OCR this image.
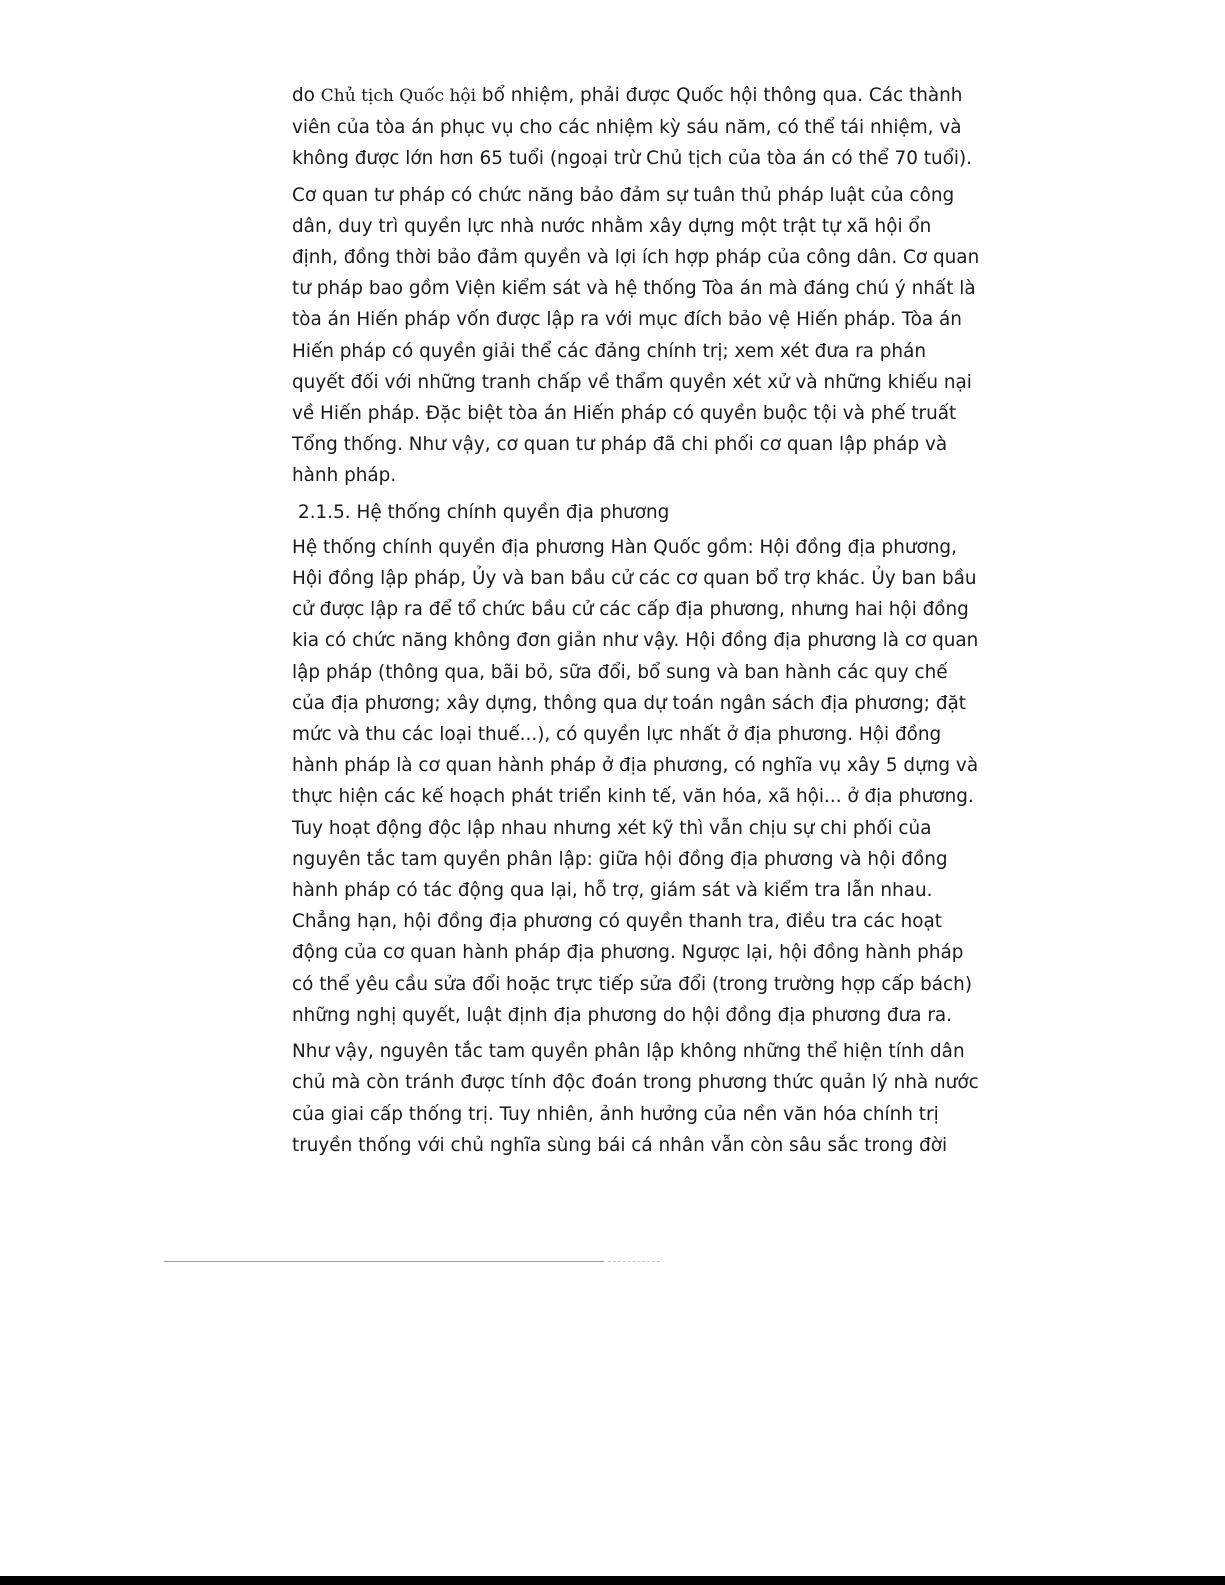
do Chủ tịch Quốc hội bổ nhiệm, phải được Quốc hội thông qua. Các thành viên của tòa án phục vụ cho các nhiệm kỳ sáu năm, có thể tái nhiệm, và không được lớn hơn 65 tuổi (ngoại trừ Chủ tịch của tòa án có thể 70 tuổi).

Cơ quan tư pháp có chức năng bảo đảm sự tuân thủ pháp luật của công dân, duy trì quyền lực nhà nước nhằm xây dựng một trật tự xã hội ổn định, đồng thời bảo đảm quyền và lợi ích hợp pháp của công dân. Cơ quan tư pháp bao gồm Viện kiểm sát và hệ thống Tòa án mà đáng chú ý nhất là tòa án Hiến pháp vốn được lập ra với mục đích bảo vệ Hiến pháp. Tòa án Hiến pháp có quyền giải thể các đảng chính trị; xem xét đưa ra phán quyết đối với những tranh chấp về thẩm quyền xét xử và những khiếu nại về Hiến pháp. Đặc biệt tòa án Hiến pháp có quyền buộc tội và phế truất Tổng thống. Như vậy, cơ quan tư pháp đã chi phối cơ quan lập pháp và hành pháp.

2.1.5. Hệ thống chính quyền địa phương

Hệ thống chính quyền địa phương Hàn Quốc gồm: Hội đồng địa phương, Hội đồng lập pháp, Ủy và ban bầu cử các cơ quan bổ trợ khác. Ủy ban bầu cử được lập ra để tổ chức bầu cử các cấp địa phương, nhưng hai hội đồng kia có chức năng không đơn giản như vậy. Hội đồng địa phương là cơ quan lập pháp (thông qua, bãi bỏ, sữa đổi, bổ sung và ban hành các quy chế của địa phương; xây dựng, thông qua dự toán ngân sách địa phương; đặt mức và thu các loại thuế...), có quyền lực nhất ở địa phương. Hội đồng hành pháp là cơ quan hành pháp ở địa phương, có nghĩa vụ xây 5 dựng và thực hiện các kế hoạch phát triển kinh tế, văn hóa, xã hội... ở địa phương. Tuy hoạt động độc lập nhau nhưng xét kỹ thì vẫn chịu sự chi phối của nguyên tắc tam quyền phân lập: giữa hội đồng địa phương và hội đồng hành pháp có tác động qua lại, hỗ trợ, giám sát và kiểm tra lẫn nhau. Chẳng hạn, hội đồng địa phương có quyền thanh tra, điều tra các hoạt động của cơ quan hành pháp địa phương. Ngược lại, hội đồng hành pháp có thể yêu cầu sửa đổi hoặc trực tiếp sửa đổi (trong trường hợp cấp bách) những nghị quyết, luật định địa phương do hội đồng địa phương đưa ra.

Như vậy, nguyên tắc tam quyền phân lập không những thể hiện tính dân chủ mà còn tránh được tính độc đoán trong phương thức quản lý nhà nước của giai cấp thống trị. Tuy nhiên, ảnh hưởng của nền văn hóa chính trị truyền thống với chủ nghĩa sùng bái cá nhân vẫn còn sâu sắc trong đời
